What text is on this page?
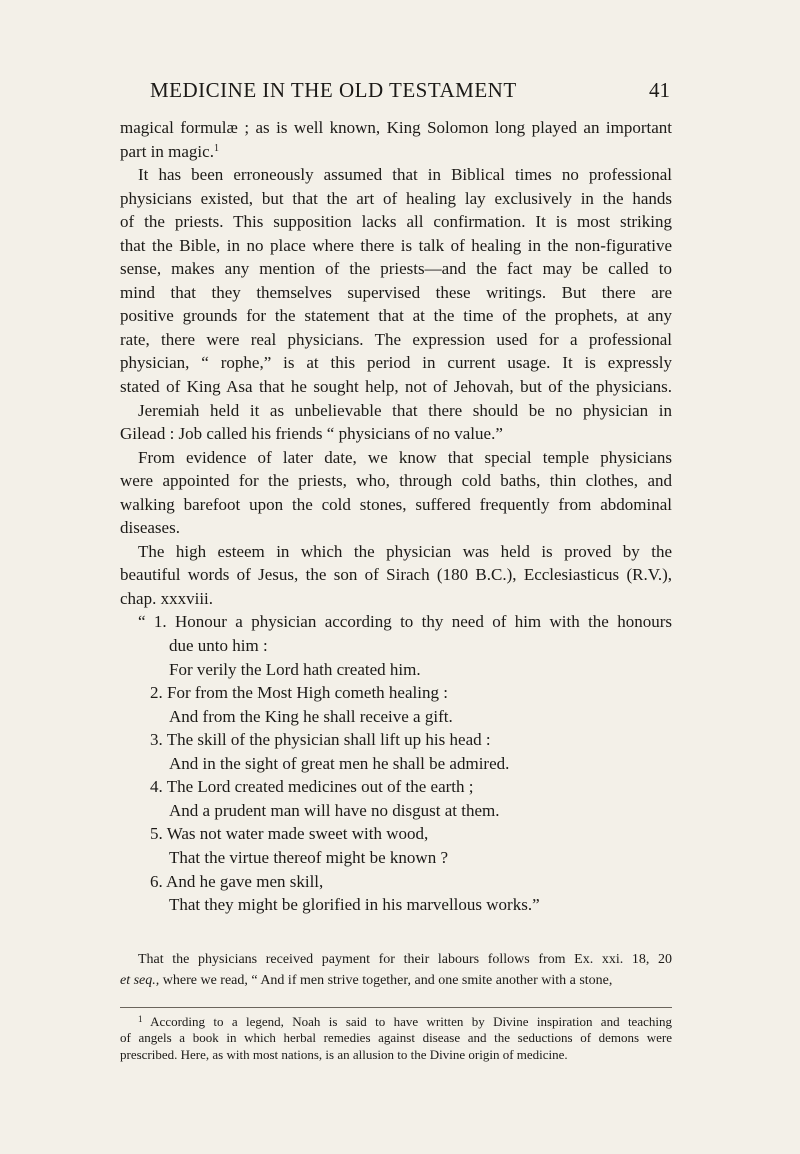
MEDICINE IN THE OLD TESTAMENT	41
magical formulæ ; as is well known, King Solomon long played an important
part in magic.$^1$
It has been erroneously assumed that in Biblical times no professional
physicians existed, but that the art of healing lay exclusively in the hands
of the priests. This supposition lacks all confirmation. It is most striking
that the Bible, in no place where there is talk of healing in the non-figurative
sense, makes any mention of the priests—and the fact may be called to
mind that they themselves supervised these writings. But there are
positive grounds for the statement that at the time of the prophets, at any
rate, there were real physicians. The expression used for a professional
physician, “ rophe,” is at this period in current usage. It is expressly
stated of King Asa that he sought help, not of Jehovah, but of the physicians.
Jeremiah held it as unbelievable that there should be no physician in
Gilead : Job called his friends “ physicians of no value.”
From evidence of later date, we know that special temple physicians
were appointed for the priests, who, through cold baths, thin clothes, and
walking barefoot upon the cold stones, suffered frequently from abdominal
diseases.
The high esteem in which the physician was held is proved by the
beautiful words of Jesus, the son of Sirach (180 B.C.), Ecclesiasticus (R.V.),
chap. xxxviii.
“ 1. Honour a physician according to thy need of him with the honours
due unto him :
For verily the Lord hath created him.
2. For from the Most High cometh healing :
And from the King he shall receive a gift.
3. The skill of the physician shall lift up his head :
And in the sight of great men he shall be admired.
4. The Lord created medicines out of the earth ;
And a prudent man will have no disgust at them.
5. Was not water made sweet with wood,
That the virtue thereof might be known ?
6. And he gave men skill,
That they might be glorified in his marvellous works.”
That the physicians received payment for their labours follows from Ex. xxi. 18, 20
et seq., where we read, “ And if men strive together, and one smite another with a stone,
$^1$ According to a legend, Noah is said to have written by Divine inspiration and teaching
of angels a book in which herbal remedies against disease and the seductions of demons were
prescribed. Here, as with most nations, is an allusion to the Divine origin of medicine.
